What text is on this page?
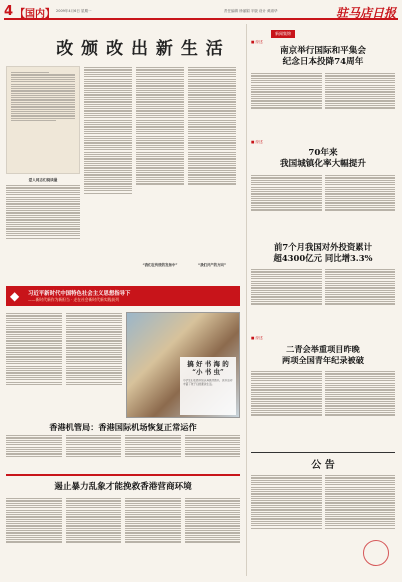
4 【国内】 2009年4月6日 星期一	责任编辑 徐丽娟 半版 设计 黄淑华	驻马店日报
改 颁 改 出 新 生 活
爱人同志们阅读量
“我们在传统的发扬中”	“我们共产的方向”
◆ 习近平新时代中国特色社会主义思想指导下
——新时代新作为新担当 · 走在社会新时代新实践前列
搞 好 书 海 的
“小 书 虫”
小学生们在图书馆认真挑选图书，读书活动丰富了孩子们的课余生活。
香港机管局：香港国际机场恢复正常运作
遏止暴力乱象才能挽救香港营商环境
新闻集锦
■ 综述
南京举行国际和平集会
纪念日本投降74周年
■ 综述
70年来
我国城镇化率大幅提升
前7个月我国对外投资累计
超4300亿元 同比增3.3%
■ 综述
二青会举重项目昨晚
两项全国青年纪录被破
公 告
